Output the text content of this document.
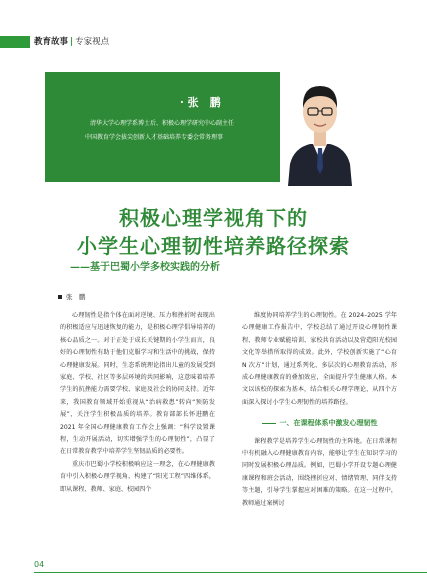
教育故事 | 专家视点
· 张　鹏
清华大学心理学系博士后、积极心理学研究中心副主任
中国教育学会拔尖创新人才基础培养专委会常务理事
积极心理学视角下的
小学生心理韧性培养路径探索
——基于巴蜀小学多校实践的分析
张　鹏

心理韧性是指个体在面对逆境、压力和挫折时表现出的积极适应与迅速恢复的能力，是积极心理学倡导培养的核心品质之一。对于正处于成长关键期的小学生而言，良好的心理韧性有助于他们克服学习和生活中的挑战，保持心理健康发展。同时，生态系统理论指出儿童的发展受到家庭、学校、社区等多层环境的共同影响，这意味着培养学生的抗挫能力需要学校、家庭及社会的协同支持。近年来，我国教育领域开始重视从“治病救患”转向“预防发展”，关注学生积极品质的培养。教育部部长怀进鹏在 2021 年全国心理健康教育工作会上强调：“科学设置课程，生动开展活动，切实增强学生的心理韧性”，凸显了在日常教育教学中培养学生坚韧品质的必要性。

重庆市巴蜀小学校积极响应这一理念，在心理健康教育中引入积极心理学视角，构建了“阳光工程”四维体系，即从课程、教师、家庭、校园四个

维度协同培养学生的心理韧性。在 2024–2025 学年心理健康工作报告中，学校总结了通过开设心理韧性课程、教师专业赋能培训、家校共育活动以及营造阳光校园文化等举措所取得的成效。此外，学校创新实施了“心育 N 次方”计划，通过系列化、多层次的心理教育活动，形成心理健康教育的叠加效应，全面提升学生健康人格。本文以该校的探索为基本，结合相关心理学理论，从四个方面深入探讨小学生心理韧性的培养路径。

一、在课程体系中激发心理韧性

课程教学是培养学生心理韧性的主阵地。在日常课程中有机融入心理健康教育内容，能够让学生在知识学习的同时发展积极心理品质。例如，巴蜀小学开设专题心理健康课程和班会活动，围绕挫折应对、情绪管理、同伴支持等主题，引导学生掌握应对困难的策略。在这一过程中，教师通过案例讨

04
